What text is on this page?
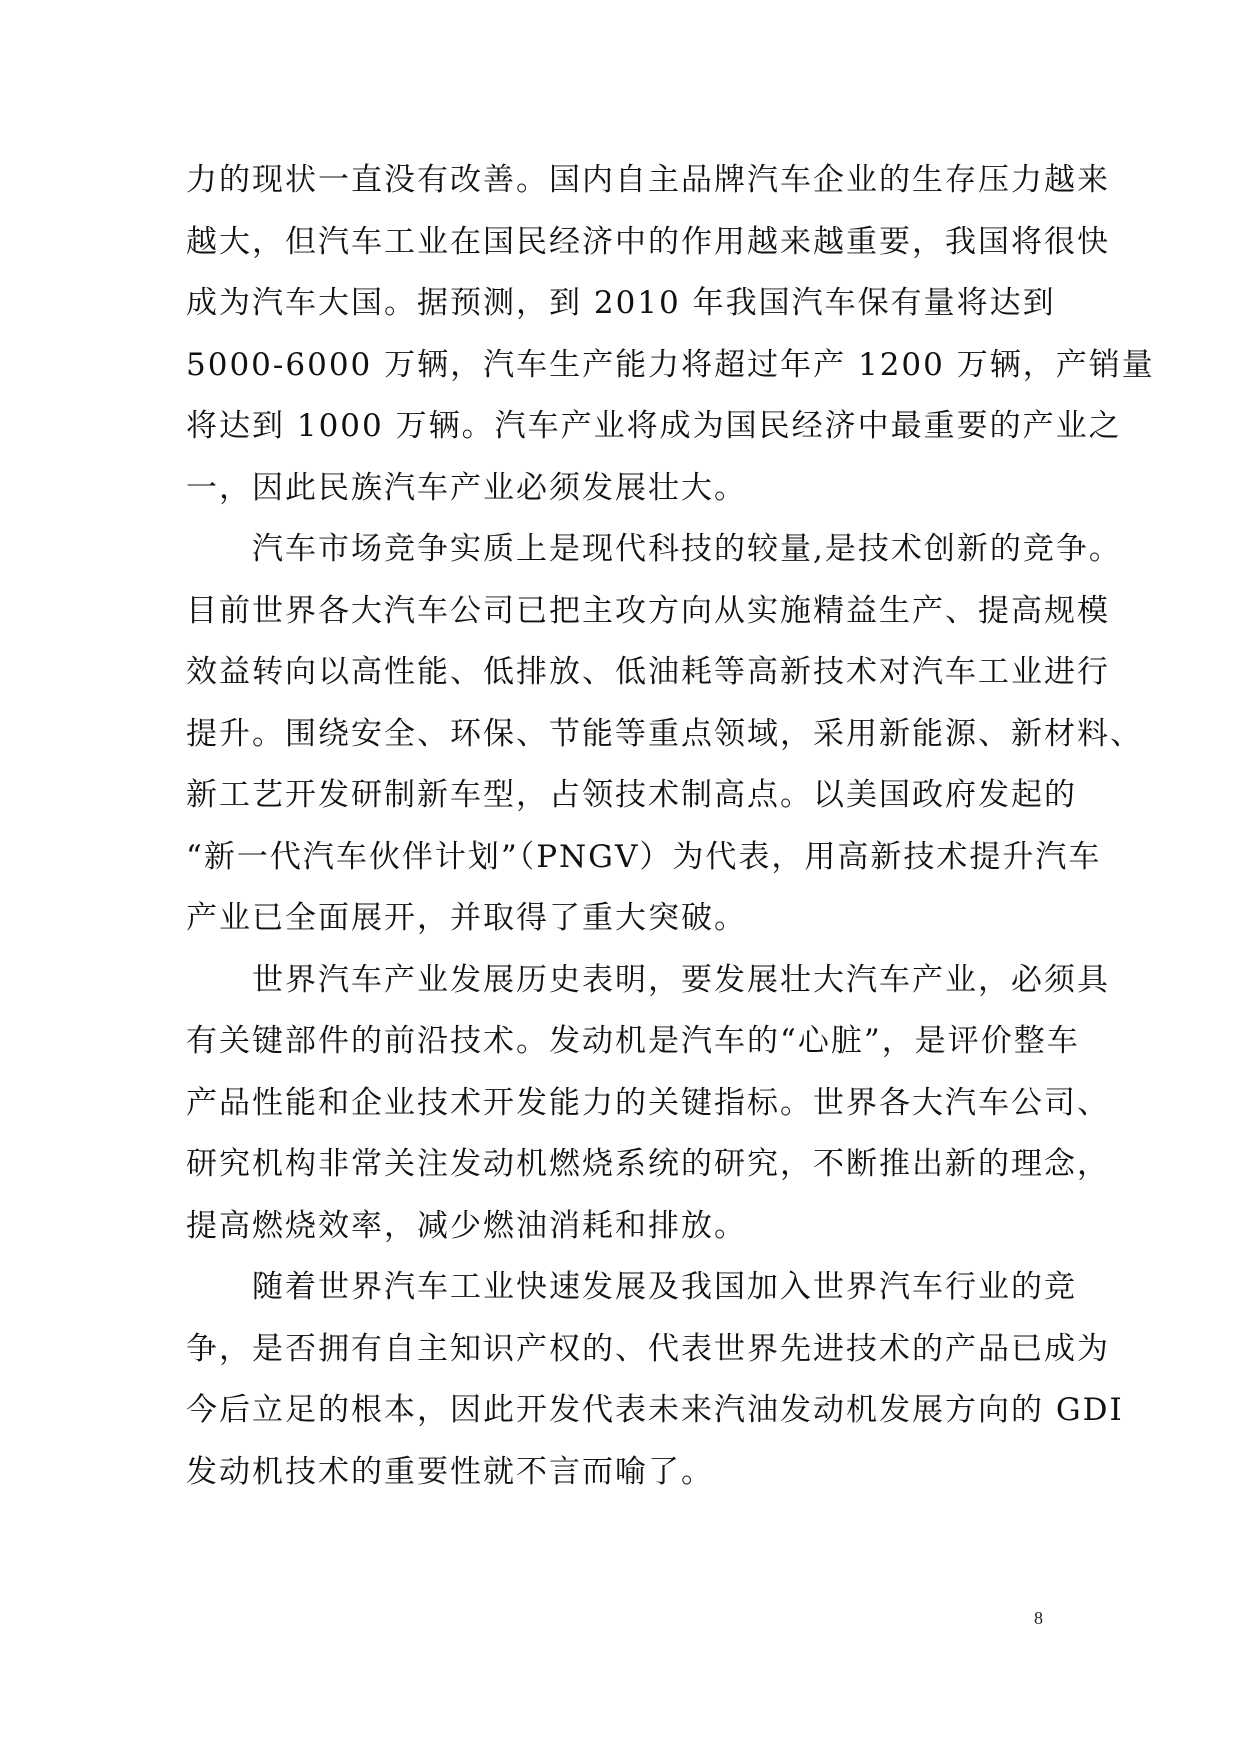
力的现状一直没有改善。国内自主品牌汽车企业的生存压力越来
越大，但汽车工业在国民经济中的作用越来越重要，我国将很快
成为汽车大国。据预测，到 2010 年我国汽车保有量将达到
5000-6000 万辆，汽车生产能力将超过年产 1200 万辆，产销量
将达到 1000 万辆。汽车产业将成为国民经济中最重要的产业之
一，因此民族汽车产业必须发展壮大。

　　汽车市场竞争实质上是现代科技的较量,是技术创新的竞争。
目前世界各大汽车公司已把主攻方向从实施精益生产、提高规模
效益转向以高性能、低排放、低油耗等高新技术对汽车工业进行
提升。围绕安全、环保、节能等重点领域，采用新能源、新材料、
新工艺开发研制新车型，占领技术制高点。以美国政府发起的
“新一代汽车伙伴计划”（PNGV）为代表，用高新技术提升汽车
产业已全面展开，并取得了重大突破。

　　世界汽车产业发展历史表明，要发展壮大汽车产业，必须具
有关键部件的前沿技术。发动机是汽车的“心脏”，是评价整车
产品性能和企业技术开发能力的关键指标。世界各大汽车公司、
研究机构非常关注发动机燃烧系统的研究，不断推出新的理念，
提高燃烧效率，减少燃油消耗和排放。

　　随着世界汽车工业快速发展及我国加入世界汽车行业的竞
争，是否拥有自主知识产权的、代表世界先进技术的产品已成为
今后立足的根本，因此开发代表未来汽油发动机发展方向的 GDI
发动机技术的重要性就不言而喻了。

8
